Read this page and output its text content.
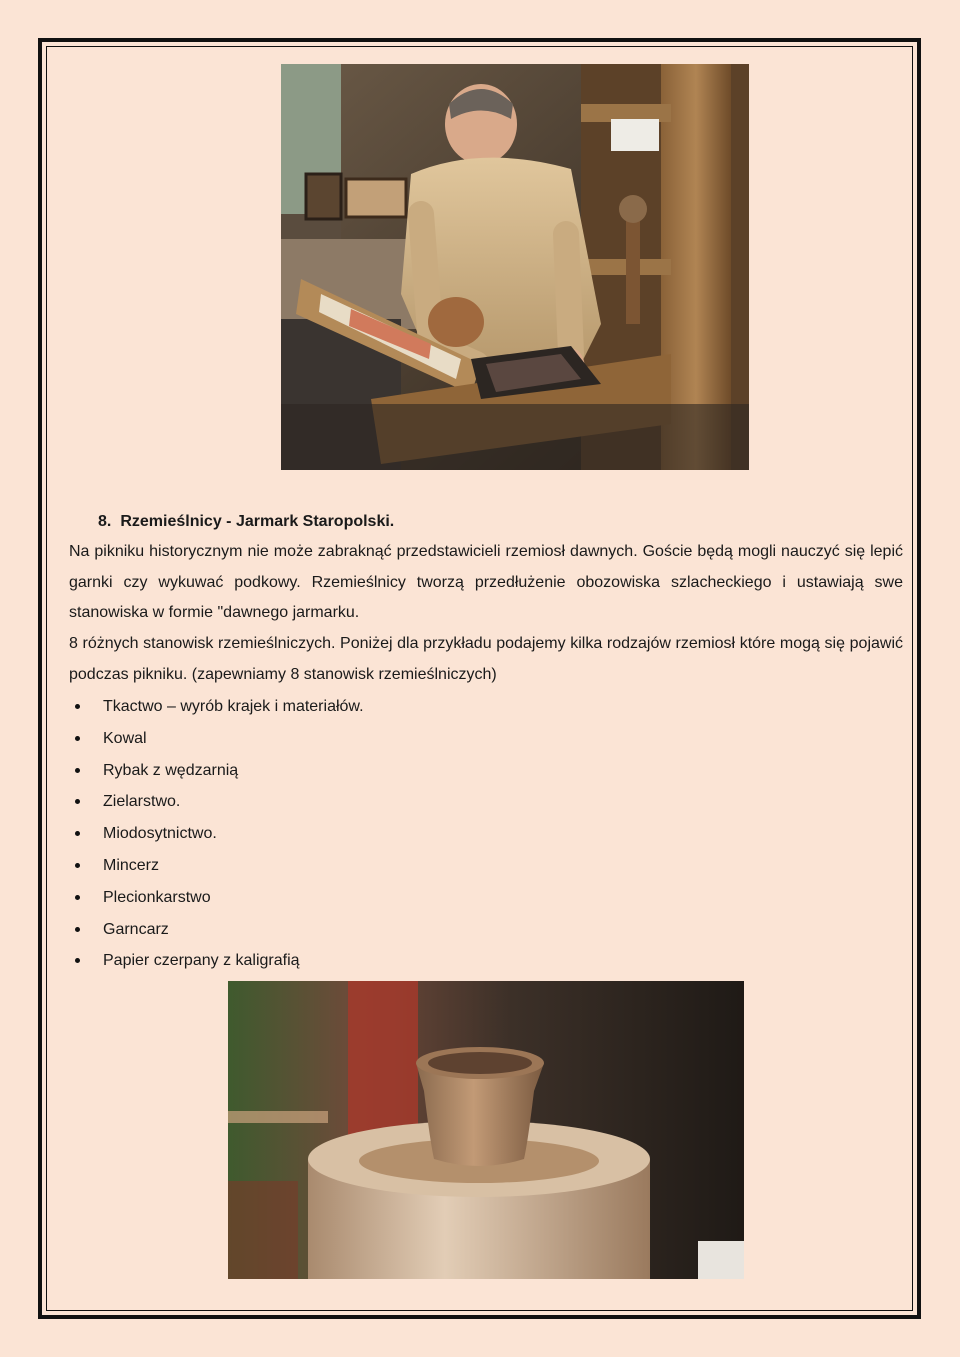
8. Rzemieślnicy - Jarmark Staropolski.

Na pikniku historycznym nie może zabraknąć przedstawicieli rzemiosł dawnych. Goście będą mogli nauczyć się lepić garnki czy wykuwać podkowy. Rzemieślnicy tworzą przedłużenie obozowiska szlacheckiego i ustawiają swe stanowiska w formie "dawnego jarmarku.

8 różnych stanowisk rzemieślniczych. Poniżej dla przykładu podajemy kilka rodzajów rzemiosł które mogą się pojawić podczas pikniku. (zapewniamy 8 stanowisk rzemieślniczych)

Tkactwo – wyrób krajek i materiałów.
Kowal
Rybak z wędzarnią
Zielarstwo.
Miodosytnictwo.
Mincerz
Plecionkarstwo
Garncarz
Papier czerpany z kaligrafią
